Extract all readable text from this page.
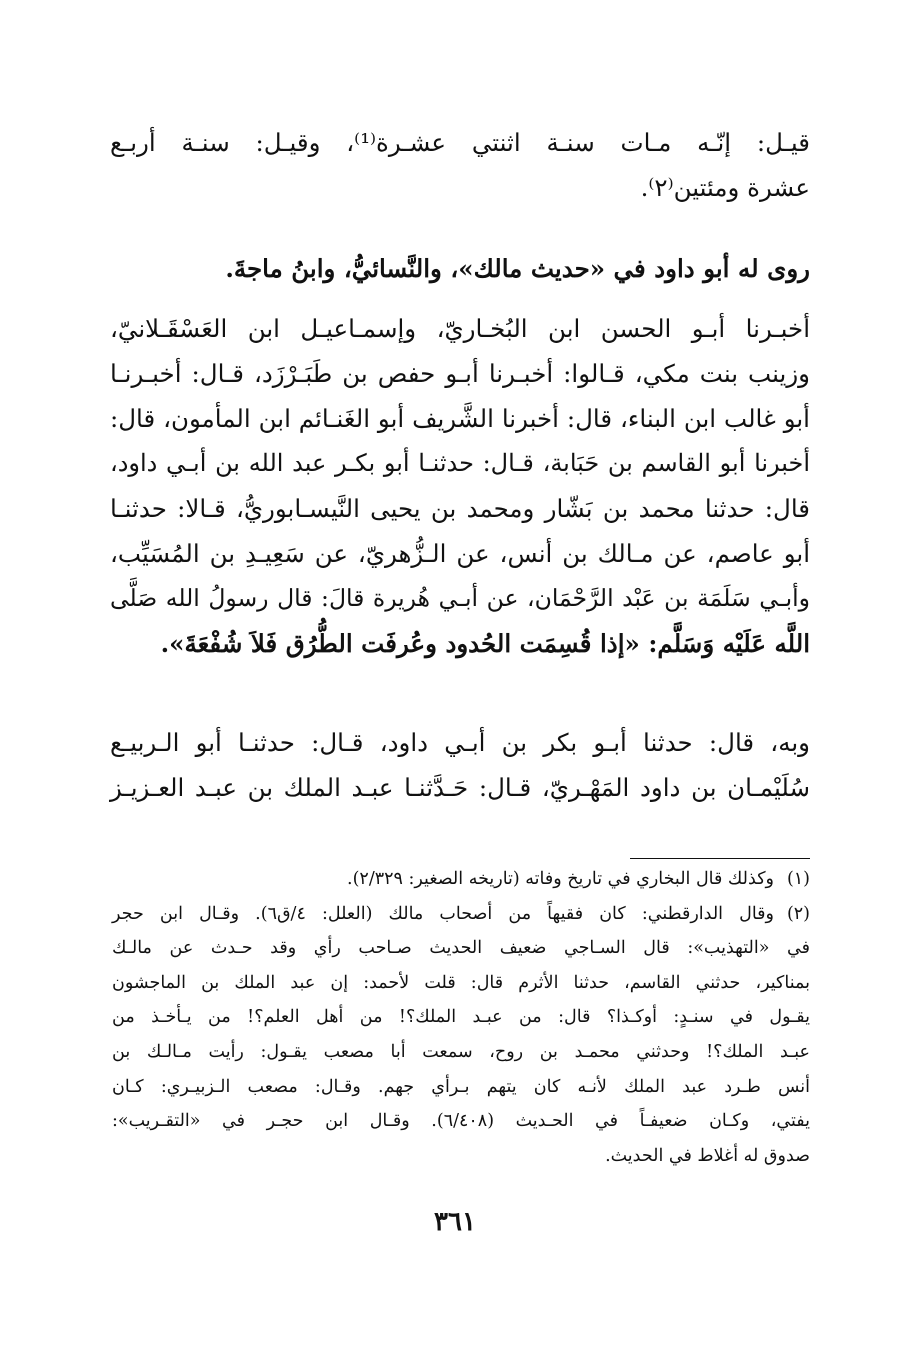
قيـل: إنّـه مـات سنـة اثنتي عشـرة⁽¹⁾، وقيـل: سنـة أربـع
عشرة ومئتين⁽٢⁾.
روى له أبو داود في «حديث مالك»، والنَّسائيُّ، وابنُ ماجةَ.
أخبـرنا أبـو الحسن ابن البُخـاريّ، وإسمـاعيـل ابن العَسْقَـلانيّ،
وزينب بنت مكي، قـالوا: أخبـرنا أبـو حفص بن طَبَـرْزَد، قـال: أخبـرنـا
أبو غالب ابن البناء، قال: أخبرنا الشَّريف أبو الغَنـائم ابن المأمون، قال:
أخبرنا أبو القاسم بن حَبَابة، قـال: حدثنـا أبو بكـر عبد الله بن أبـي داود،
قال: حدثنا محمد بن بَشّار ومحمد بن يحيى النَّيسـابوريُّ، قـالا: حدثنـا
أبو عاصم، عن مـالك بن أنس، عن الـزُّهريّ، عن سَعِيـدِ بن المُسَيِّب،
وأبـي سَلَمَة بن عَبْد الرَّحْمَان، عن أبـي هُريرة قالَ: قال رسولُ الله صَلَّى
اللَّه عَلَيْه وَسَلَّم: «إذا قُسِمَت الحُدود وعُرفَت الطُّرُق فَلاَ شُفْعَةَ».
وبه، قال: حدثنا أبـو بكر بن أبـي داود، قـال: حدثنـا أبو الـربيـع
سُلَيْمـان بن داود المَهْـريّ، قـال: حَـدَّثنـا عبـد الملك بن عبـد العـزيـز
(١)وكذلك قال البخاري في تاريخ وفاته (تاريخه الصغير: ٢/٣٢٩).
(٢)وقال الدارقطني: كان فقيهاً من أصحاب مالك (العلل: ٤/ق٦). وقـال ابن حجر
في «التهذيب»: قال السـاجي ضعيف الحديث صـاحب رأي وقد حـدث عن مالـك
بمناكير، حدثني القاسم، حدثنا الأثرم قال: قلت لأحمد: إن عبد الملك بن الماجشون
يقـول في سنـدٍ: أوكـذا؟ قال: من عبـد الملك؟! من أهل العلم؟! من يـأخـذ من
عبـد الملك؟! وحدثني محمـد بن روح، سمعت أبا مصعب يقـول: رأيت مـالـك بن
أنس طـرد عبد الملك لأنـه كان يتهم بـرأي جهم. وقـال: مصعب الـزبيـري: كـان
يفتي، وكـان ضعيفـاً في الحـديث (٦/٤٠٨). وقـال ابن حجـر في «التقـريب»:
صدوق له أغلاط في الحديث.
٣٦١
